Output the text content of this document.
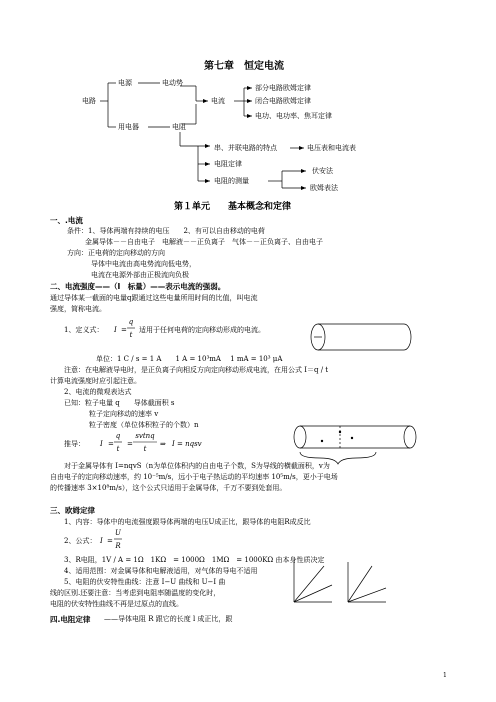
第七章　恒定电流
电路
电源	电动势
电流
用电器	电阻
部分电路欧姆定律
闭合电路欧姆定律
电功、电功率、焦耳定律
串、并联电路的特点	电压表和电流表
电阻定律
电阻的测量
伏安法
欧姆表法
第１单元　　基本概念和定律
一、.电流
条件：1、导体两端有持续的电压　　2、有可以自由移动的电荷
金属导体－－自由电子　电解液－－正负离子　气体－－正负离子、自由电子
方向：正电荷的定向移动的方向
导体中电流由高电势流向低电势，
电流在电源外部由正极流向负极
二、电流强度——（I　标量）——表示电流的强弱。
通过导体某一截面的电量q跟通过这些电量所用时间的比值，叫电流
强度，简称电流。
1、定义式： I =
q
t
适用于任何电荷的定向移动形成的电流。
单位：1 C / s = 1 A　　1 A = 10³mA　 1 mA = 10³ μA
注意：在电解液导电时，是正负离子向相反方向定向移动形成电流，在用公式 I＝q / t
计算电流强度时应引起注意。
2、电流的微观表达式
已知：粒子电量 q　　导体截面积 s
粒子定向移动的速率 v
粒子密度（单位体积粒子的个数）n
推导： I =
q
t
=
svtnq
t
⇒ I = nqsv
对于金属导体有 I=nqvS（n为单位体积内的自由电子个数，S为导线的横截面积，v为
自由电子的定向移动速率，约 10⁻⁵m/s，远小于电子热运动的平均速率 10⁵m/s，更小于电场
的传播速率 3×10⁸m/s），这个公式只适用于金属导体，千万不要到处套用。
三、欧姆定律
1、内容：导体中的电流强度跟导体两端的电压U成正比，跟导体的电阻R成反比
2、公式： I =
U
R
3、R电阻，1V / A = 1Ω　1KΩ　= 1000Ω　1MΩ　= 1000KΩ 由本身性质决定
4、适用范围：对金属导体和电解液适用，对气体的导电不适用
5、电阻的伏安特性曲线：注意 I−U 曲线和 U−I 曲
线的区别.还要注意：当考虑到电阻率随温度的变化时，
电阻的伏安特性曲线不再是过原点的直线。
四.电阻定律 ——导体电阻 R 跟它的长度 l 成正比，跟
1
